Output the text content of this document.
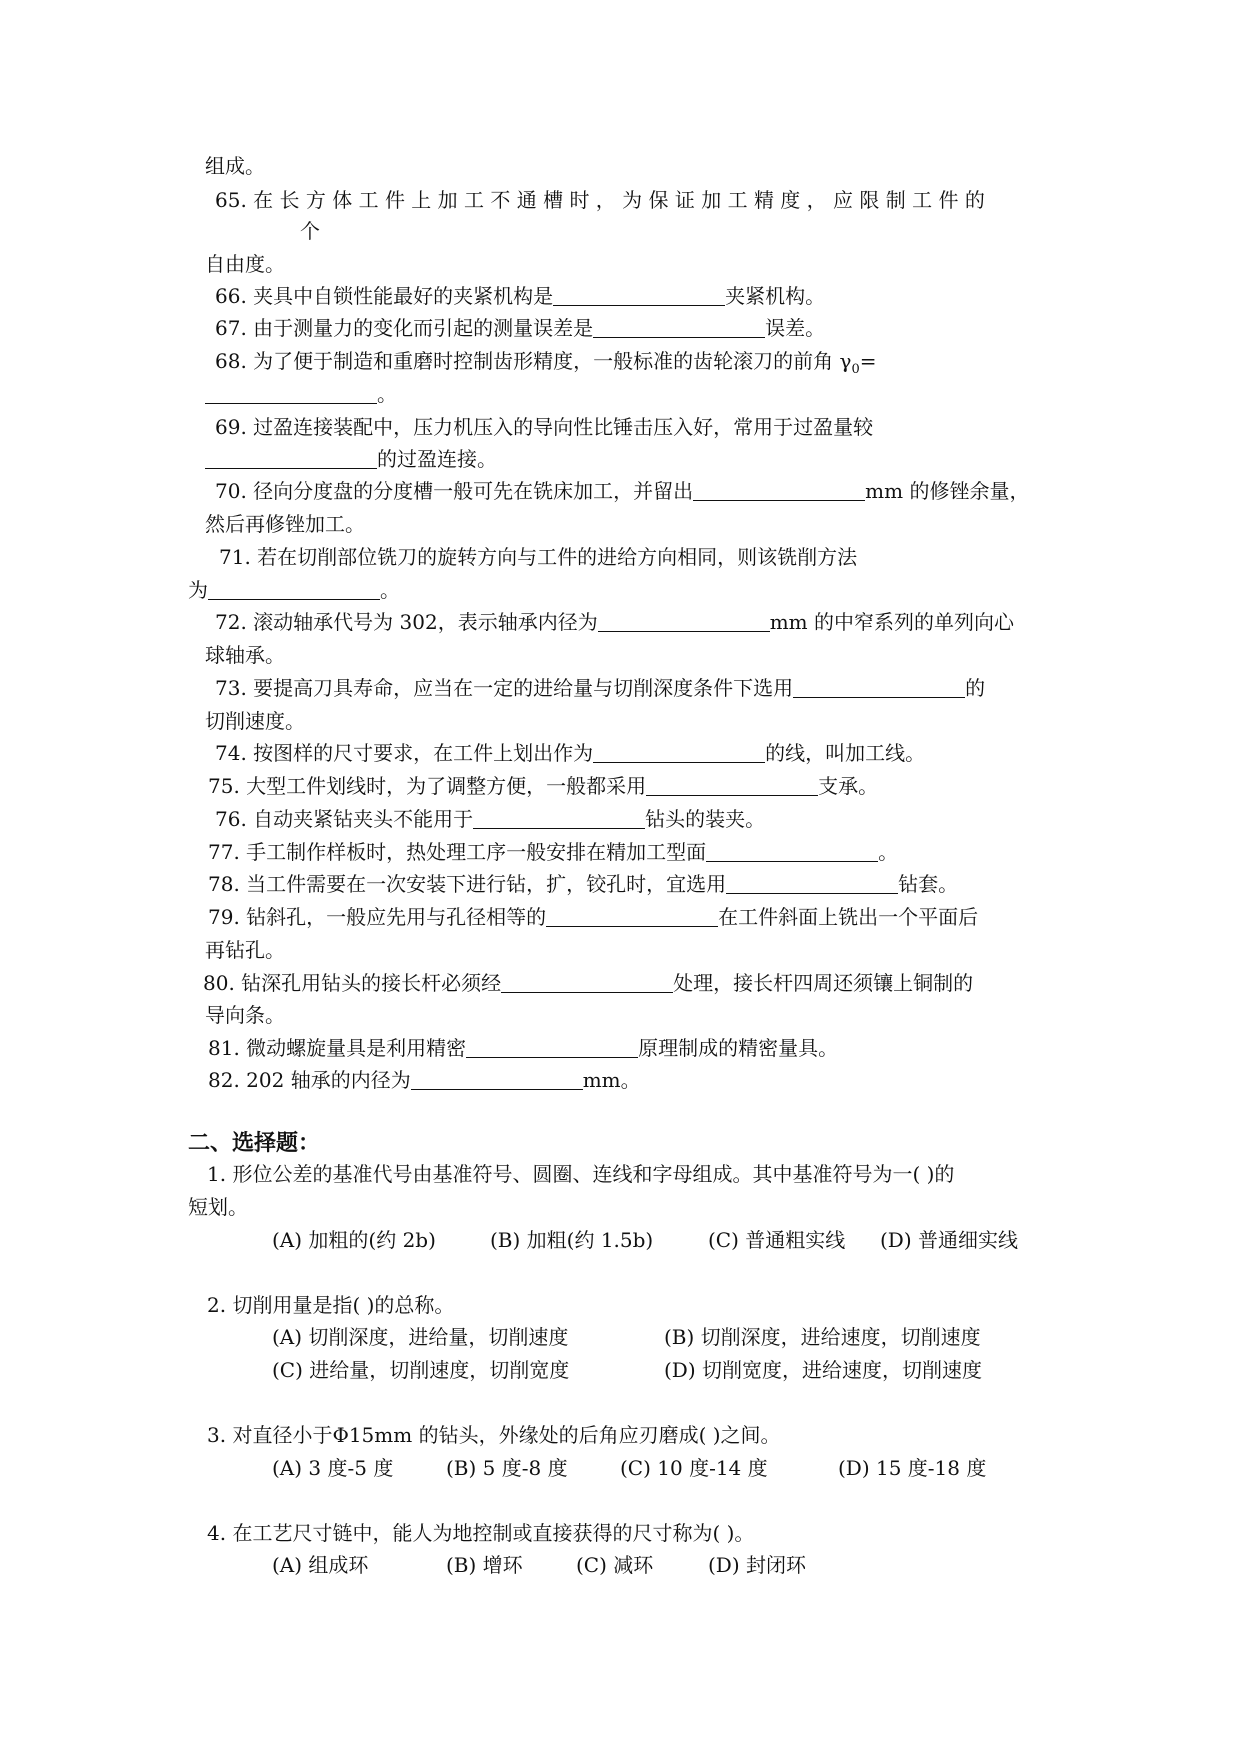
组成。
65. 在 长 方 体 工 件 上 加 工 不 通 槽 时 ， 为 保 证 加 工 精 度 ， 应 限 制 工 件 的
个
自由度。
66. 夹具中自锁性能最好的夹紧机构是	夹紧机构。
67. 由于测量力的变化而引起的测量误差是	误差。
68. 为了便于制造和重磨时控制齿形精度，一般标准的齿轮滚刀的前角 $\gamma_0=$
。
69. 过盈连接装配中，压力机压入的导向性比锤击压入好，常用于过盈量较
的过盈连接。
70. 径向分度盘的分度槽一般可先在铣床加工，并留出	mm 的修锉余量，
然后再修锉加工。
71. 若在切削部位铣刀的旋转方向与工件的进给方向相同，则该铣削方法
为	。
72. 滚动轴承代号为 302，表示轴承内径为	mm 的中窄系列的单列向心
球轴承。
73. 要提高刀具寿命，应当在一定的进给量与切削深度条件下选用	的
切削速度。
74. 按图样的尺寸要求，在工件上划出作为	的线，叫加工线。
75. 大型工件划线时，为了调整方便，一般都采用	支承。
76. 自动夹紧钻夹头不能用于	钻头的装夹。
77. 手工制作样板时，热处理工序一般安排在精加工型面	。
78. 当工件需要在一次安装下进行钻，扩，铰孔时，宜选用	钻套。
79. 钻斜孔，一般应先用与孔径相等的	在工件斜面上铣出一个平面后
再钻孔。
80. 钻深孔用钻头的接长杆必须经	处理，接长杆四周还须镶上铜制的
导向条。
81. 微动螺旋量具是利用精密	原理制成的精密量具。
82. 202 轴承的内径为	mm。
二、选择题：
1. 形位公差的基准代号由基准符号、圆圈、连线和字母组成。其中基准符号为一( )的
短划。
(A) 加粗的(约 2b)	(B) 加粗(约 1.5b)	(C) 普通粗实线 (D) 普通细实线
2. 切削用量是指( )的总称。
(A) 切削深度，进给量，切削速度	(B) 切削深度，进给速度，切削速度
(C) 进给量，切削速度，切削宽度	(D) 切削宽度，进给速度，切削速度
3. 对直径小于Φ15mm 的钻头，外缘处的后角应刃磨成( )之间。
(A) 3 度-5 度	(B) 5 度-8 度	(C) 10 度-14 度	(D) 15 度-18 度
4. 在工艺尺寸链中，能人为地控制或直接获得的尺寸称为( )。
(A) 组成环	(B) 增环	(C) 减环	(D) 封闭环
